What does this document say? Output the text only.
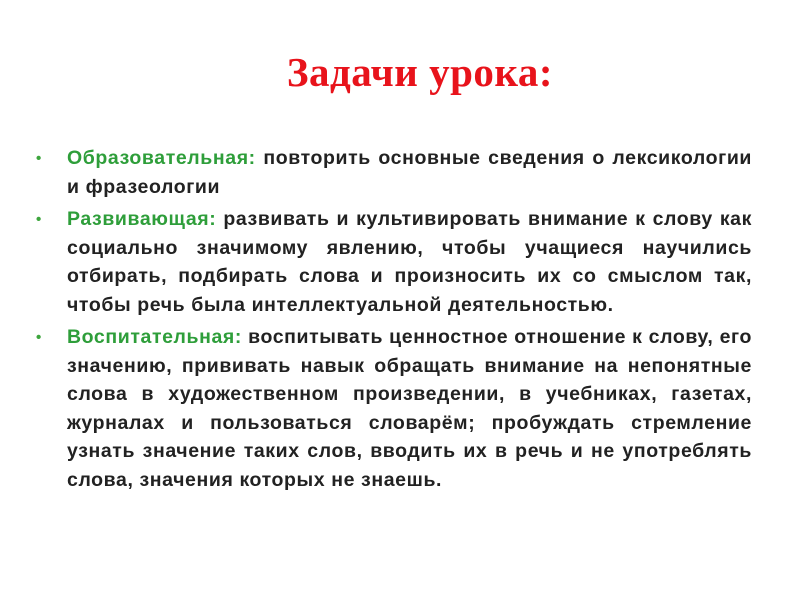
Задачи урока:
• Образовательная: повторить основные сведения о лексикологии и фразеологии
• Развивающая: развивать и культивировать внимание к слову как социально значимому явлению, чтобы учащиеся научились отбирать, подбирать слова и произносить их со смыслом так, чтобы речь была интеллектуальной деятельностью.
• Воспитательная: воспитывать ценностное отношение к слову, его значению, прививать навык обращать внимание на непонятные слова в художественном произведении, в учебниках, газетах, журналах и пользоваться словарём; пробуждать стремление узнать значение таких слов, вводить их в речь и не употреблять слова, значения которых не знаешь.
